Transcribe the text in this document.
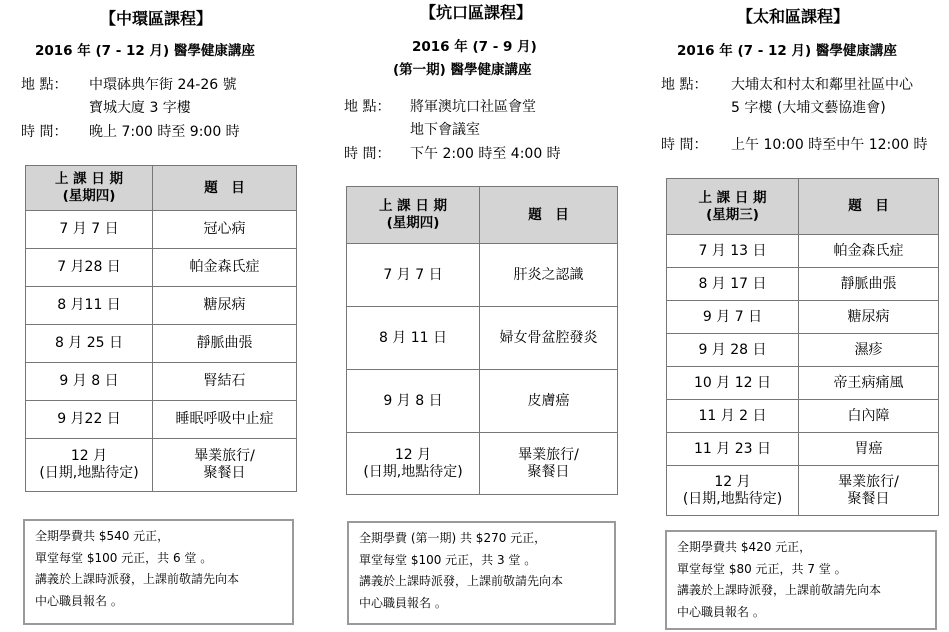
【中環區課程】
2016 年 (7 - 12 月) 醫學健康講座
地 點： 中環砵典乍街 24-26 號
寶城大廈 3 字樓
時 間： 晚上 7:00 時至 9:00 時
上 課 日 期
(星期四)	題　目
7 月 7 日	冠心病
7 月28 日	帕金森氏症
8 月11 日	糖尿病
8 月 25 日	靜脈曲張
9 月 8 日	腎結石
9 月22 日	睡眠呼吸中止症
12 月
(日期,地點待定)	畢業旅行/
聚餐日
全期學費共 $540 元正，
單堂每堂 $100 元正，共 6 堂 。
講義於上課時派發，上課前敬請先向本
中心職員報名 。
【坑口區課程】
2016 年 (7 - 9 月)
(第一期) 醫學健康講座
地 點： 將軍澳坑口社區會堂
地下會議室
時 間： 下午 2:00 時至 4:00 時
上 課 日 期
(星期四)	題　目
7 月 7 日	肝炎之認識
8 月 11 日	婦女骨盆腔發炎
9 月 8 日	皮膚癌
12 月
(日期,地點待定)	畢業旅行/
聚餐日
全期學費 (第一期) 共 $270 元正，
單堂每堂 $100 元正，共 3 堂 。
講義於上課時派發，上課前敬請先向本
中心職員報名 。
【太和區課程】
2016 年 (7 - 12 月) 醫學健康講座
地 點： 大埔太和村太和鄰里社區中心
5 字樓 (大埔文藝協進會)
時 間： 上午 10:00 時至中午 12:00 時
上 課 日 期
(星期三)	題　目
7 月 13 日	帕金森氏症
8 月 17 日	靜脈曲張
9 月 7 日	糖尿病
9 月 28 日	濕疹
10 月 12 日	帝王病痛風
11 月 2 日	白內障
11 月 23 日	胃癌
12 月
(日期,地點待定)	畢業旅行/
聚餐日
全期學費共 $420 元正，
單堂每堂 $80 元正，共 7 堂 。
講義於上課時派發，上課前敬請先向本
中心職員報名 。
